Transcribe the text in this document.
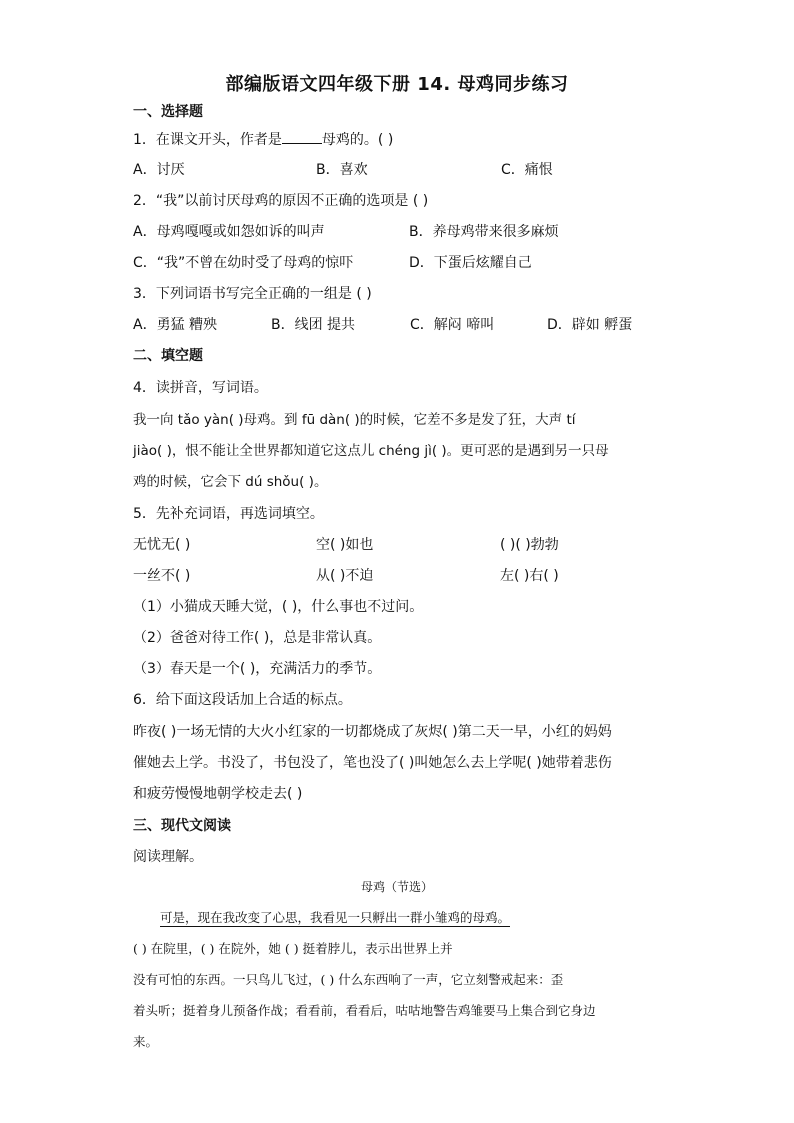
部编版语文四年级下册 14. 母鸡同步练习
一、选择题
1．在课文开头，作者是	母鸡的。( )
A．讨厌	B．喜欢	C．痛恨
2．“我”以前讨厌母鸡的原因不正确的选项是 ( )
A．母鸡嘎嘎或如怨如诉的叫声	B．养母鸡带来很多麻烦
C．“我”不曾在幼时受了母鸡的惊吓	D．下蛋后炫耀自己
3．下列词语书写完全正确的一组是 ( )
A．勇猛 糟殃	B．线团 提共	C．解闷 啼叫	D．辟如 孵蛋
二、填空题
4．读拼音，写词语。
我一向 tǎo yàn( )母鸡。到 fū dàn( )的时候，它差不多是发了狂，大声 tí
jiào( )，恨不能让全世界都知道它这点儿 chéng jì( )。更可恶的是遇到另一只母
鸡的时候，它会下 dú shǒu( )。
5．先补充词语，再选词填空。
无忧无( )	空( )如也	( )( )勃勃
一丝不( )	从( )不迫	左( )右( )
（1）小猫成天睡大觉，( )，什么事也不过问。
（2）爸爸对待工作( )，总是非常认真。
（3）春天是一个( )，充满活力的季节。
6．给下面这段话加上合适的标点。
昨夜( )一场无情的大火小红家的一切都烧成了灰烬( )第二天一早，小红的妈妈
催她去上学。书没了，书包没了，笔也没了( )叫她怎么去上学呢( )她带着悲伤
和疲劳慢慢地朝学校走去( )
三、现代文阅读
阅读理解。
母鸡（节选）
可是，现在我改变了心思，我看见一只孵出一群小雏鸡的母鸡。
( ) 在院里，( ) 在院外，她 ( ) 挺着脖儿，表示出世界上并
没有可怕的东西。一只鸟儿飞过，( ) 什么东西响了一声，它立刻警戒起来：歪
着头听；挺着身儿预备作战；看看前，看看后，咕咕地警告鸡雏要马上集合到它身边
来。
